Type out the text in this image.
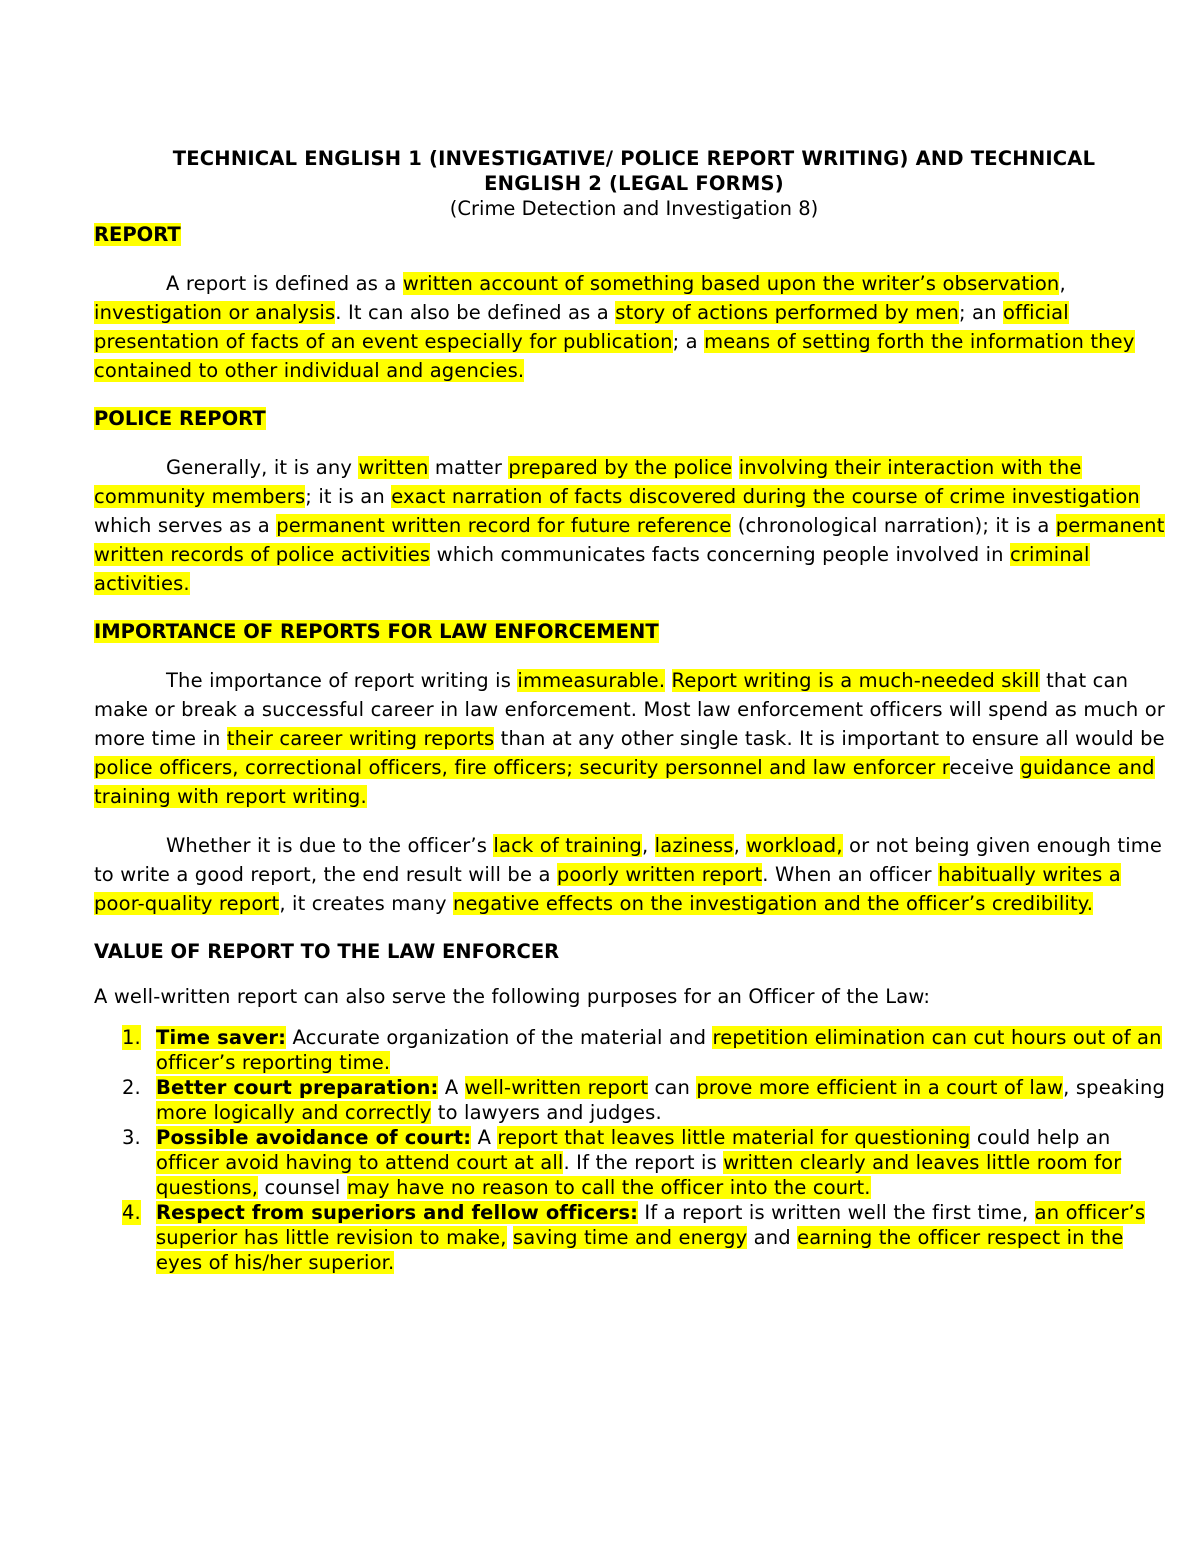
TECHNICAL ENGLISH 1 (INVESTIGATIVE/ POLICE REPORT WRITING) AND TECHNICAL
ENGLISH 2 (LEGAL FORMS)
(Crime Detection and Investigation 8)
REPORT

A report is defined as a written account of something based upon the writer’s observation, investigation or analysis. It can also be defined as a story of actions performed by men; an official presentation of facts of an event especially for publication; a means of setting forth the information they contained to other individual and agencies.

POLICE REPORT

Generally, it is any written matter prepared by the police involving their interaction with the community members; it is an exact narration of facts discovered during the course of crime investigation which serves as a permanent written record for future reference (chronological narration); it is a permanent written records of police activities which communicates facts concerning people involved in criminal activities.

IMPORTANCE OF REPORTS FOR LAW ENFORCEMENT

The importance of report writing is immeasurable. Report writing is a much-needed skill that can make or break a successful career in law enforcement. Most law enforcement officers will spend as much or more time in their career writing reports than at any other single task. It is important to ensure all would be police officers, correctional officers, fire officers; security personnel and law enforcer receive guidance and training with report writing.

Whether it is due to the officer’s lack of training, laziness, workload, or not being given enough time to write a good report, the end result will be a poorly written report. When an officer habitually writes a poor-quality report, it creates many negative effects on the investigation and the officer’s credibility.

VALUE OF REPORT TO THE LAW ENFORCER

A well-written report can also serve the following purposes for an Officer of the Law:

1. Time saver: Accurate organization of the material and repetition elimination can cut hours out of an officer’s reporting time.
2. Better court preparation: A well-written report can prove more efficient in a court of law, speaking more logically and correctly to lawyers and judges.
3. Possible avoidance of court: A report that leaves little material for questioning could help an officer avoid having to attend court at all. If the report is written clearly and leaves little room for questions, counsel may have no reason to call the officer into the court.
4. Respect from superiors and fellow officers: If a report is written well the first time, an officer’s superior has little revision to make, saving time and energy and earning the officer respect in the eyes of his/her superior.
